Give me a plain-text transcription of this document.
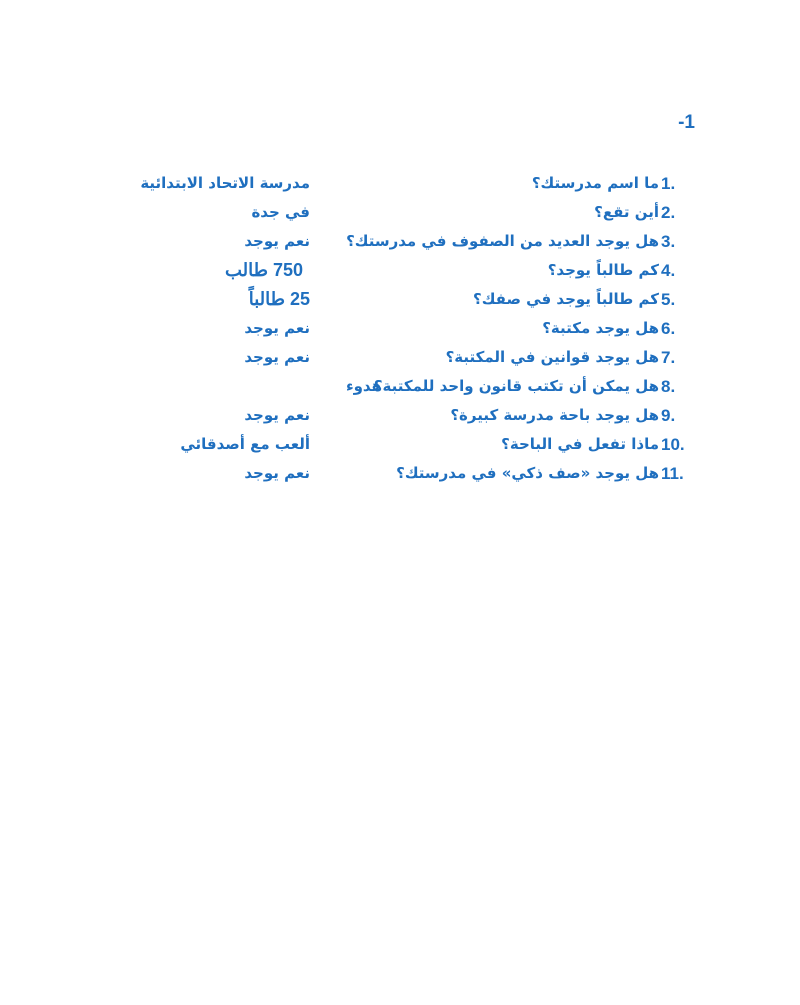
-1
1.
ما اسم مدرستك؟
مدرسة الاتحاد الابتدائية
2.
أين تقع؟
في جدة
3.
هل يوجد العديد من الصفوف في مدرستك؟
نعم يوجد
4.
كم طالباً يوجد؟
750 طالب
5.
كم طالباً يوجد في صفك؟
25 طالباً
6.
هل يوجد مكتبة؟
نعم يوجد
7.
هل يوجد قوانين في المكتبة؟
نعم يوجد
8.
هل يمكن أن تكتب قانون واحد للمكتبة؟
هدوء
9.
هل يوجد باحة مدرسة كبيرة؟
نعم يوجد
10.
ماذا تفعل في الباحة؟
ألعب مع أصدقائي
11.
هل يوجد «صف ذكي» في مدرستك؟
نعم يوجد
